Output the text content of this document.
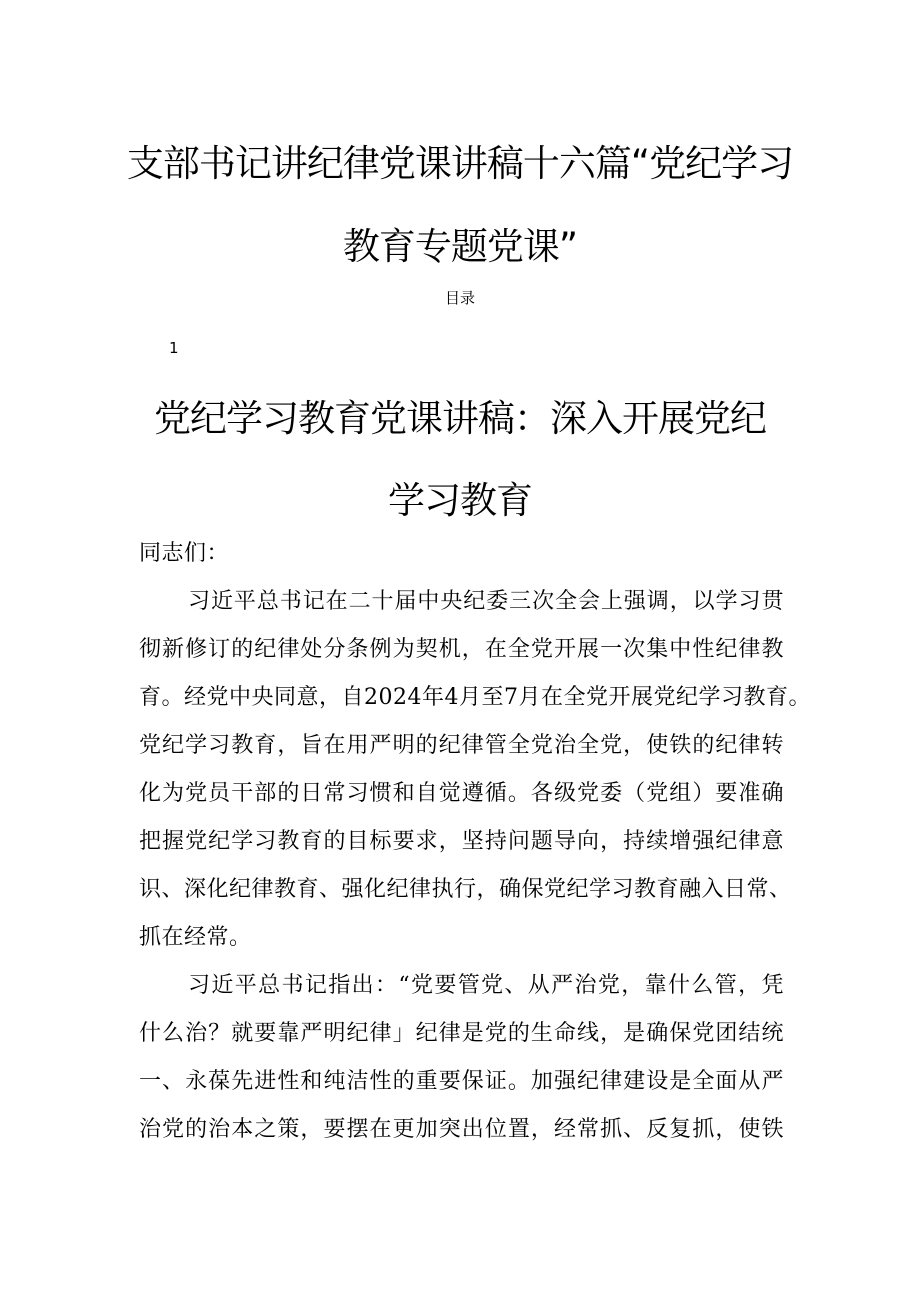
支部书记讲纪律党课讲稿十六篇“党纪学习
教育专题党课”
目录
1
党纪学习教育党课讲稿：深入开展党纪
学习教育
同志们：
习近平总书记在二十届中央纪委三次全会上强调，以学习贯
彻新修订的纪律处分条例为契机，在全党开展一次集中性纪律教
育。经党中央同意，自2024年4月至7月在全党开展党纪学习教育。
党纪学习教育，旨在用严明的纪律管全党治全党，使铁的纪律转
化为党员干部的日常习惯和自觉遵循。各级党委（党组）要准确
把握党纪学习教育的目标要求，坚持问题导向，持续增强纪律意
识、深化纪律教育、强化纪律执行，确保党纪学习教育融入日常、
抓在经常。
习近平总书记指出：“党要管党、从严治党，靠什么管，凭
什么治？就要靠严明纪律」纪律是党的生命线，是确保党团结统
一、永葆先进性和纯洁性的重要保证。加强纪律建设是全面从严
治党的治本之策，要摆在更加突出位置，经常抓、反复抓，使铁
